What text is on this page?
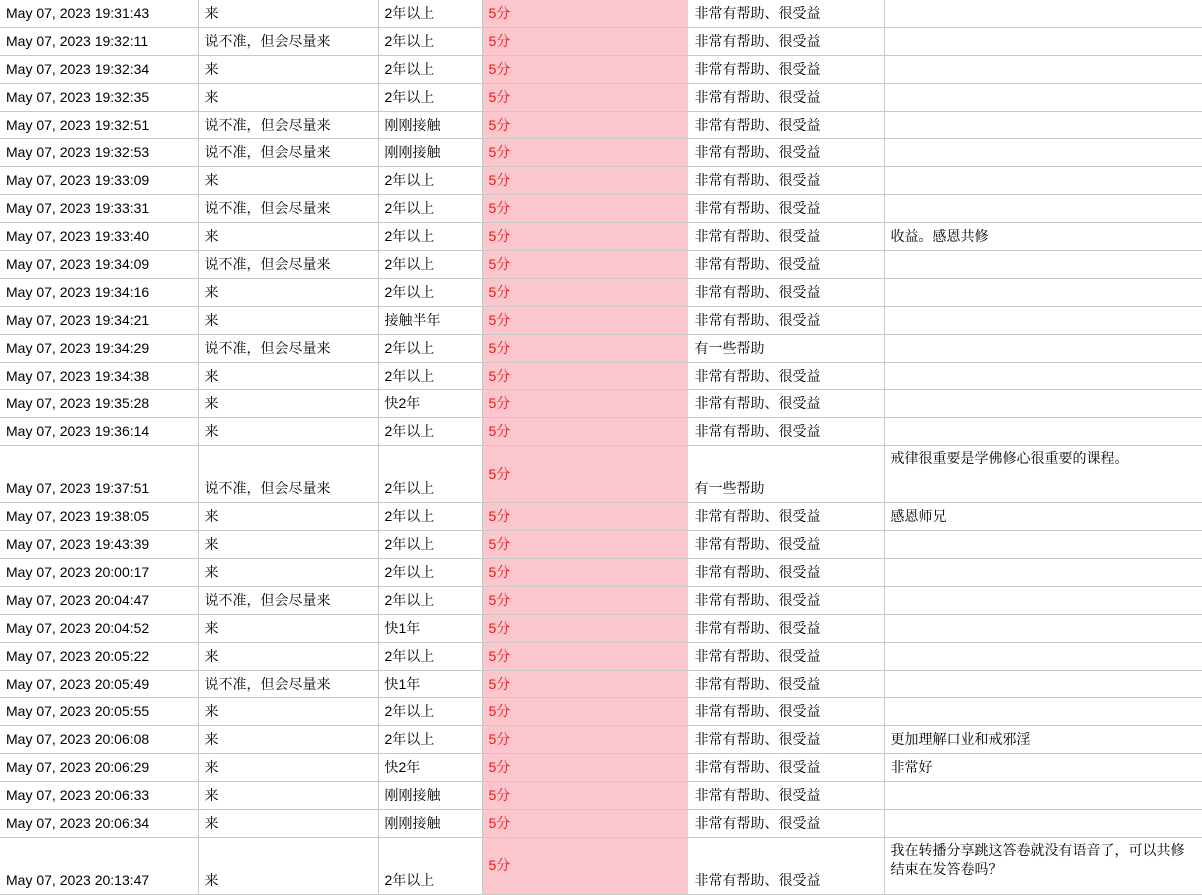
May 07, 2023 19:31:43	来	2年以上	5分	非常有帮助、很受益	
May 07, 2023 19:32:11	说不准，但会尽量来	2年以上	5分	非常有帮助、很受益	
May 07, 2023 19:32:34	来	2年以上	5分	非常有帮助、很受益	
May 07, 2023 19:32:35	来	2年以上	5分	非常有帮助、很受益	
May 07, 2023 19:32:51	说不准，但会尽量来	刚刚接触	5分	非常有帮助、很受益	
May 07, 2023 19:32:53	说不准，但会尽量来	刚刚接触	5分	非常有帮助、很受益	
May 07, 2023 19:33:09	来	2年以上	5分	非常有帮助、很受益	
May 07, 2023 19:33:31	说不准，但会尽量来	2年以上	5分	非常有帮助、很受益	
May 07, 2023 19:33:40	来	2年以上	5分	非常有帮助、很受益	收益。感恩共修
May 07, 2023 19:34:09	说不准，但会尽量来	2年以上	5分	非常有帮助、很受益	
May 07, 2023 19:34:16	来	2年以上	5分	非常有帮助、很受益	
May 07, 2023 19:34:21	来	接触半年	5分	非常有帮助、很受益	
May 07, 2023 19:34:29	说不准，但会尽量来	2年以上	5分	有一些帮助	
May 07, 2023 19:34:38	来	2年以上	5分	非常有帮助、很受益	
May 07, 2023 19:35:28	来	快2年	5分	非常有帮助、很受益	
May 07, 2023 19:36:14	来	2年以上	5分	非常有帮助、很受益	
May 07, 2023 19:37:51	说不准，但会尽量来	2年以上	5分	有一些帮助	戒律很重要是学佛修心很重要的课程。
May 07, 2023 19:38:05	来	2年以上	5分	非常有帮助、很受益	感恩师兄
May 07, 2023 19:43:39	来	2年以上	5分	非常有帮助、很受益	
May 07, 2023 20:00:17	来	2年以上	5分	非常有帮助、很受益	
May 07, 2023 20:04:47	说不准，但会尽量来	2年以上	5分	非常有帮助、很受益	
May 07, 2023 20:04:52	来	快1年	5分	非常有帮助、很受益	
May 07, 2023 20:05:22	来	2年以上	5分	非常有帮助、很受益	
May 07, 2023 20:05:49	说不准，但会尽量来	快1年	5分	非常有帮助、很受益	
May 07, 2023 20:05:55	来	2年以上	5分	非常有帮助、很受益	
May 07, 2023 20:06:08	来	2年以上	5分	非常有帮助、很受益	更加理解口业和戒邪淫
May 07, 2023 20:06:29	来	快2年	5分	非常有帮助、很受益	非常好
May 07, 2023 20:06:33	来	刚刚接触	5分	非常有帮助、很受益	
May 07, 2023 20:06:34	来	刚刚接触	5分	非常有帮助、很受益	
May 07, 2023 20:13:47	来	2年以上	5分	非常有帮助、很受益	我在转播分享跳这答卷就没有语音了，可以共修结束在发答卷吗？
